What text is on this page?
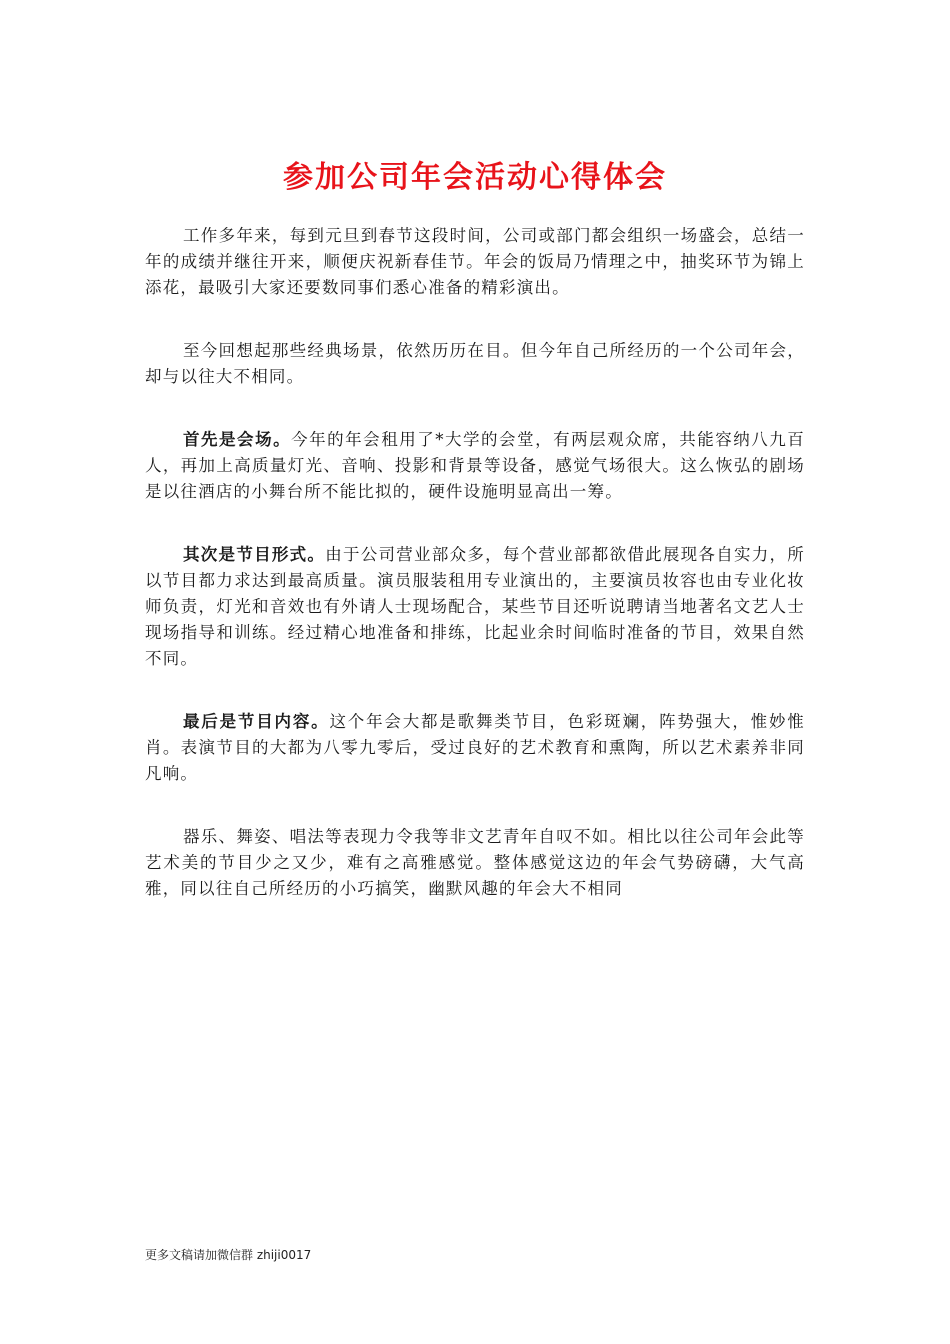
参加公司年会活动心得体会

工作多年来，每到元旦到春节这段时间，公司或部门都会组织一场盛会，总结一年的成绩并继往开来，顺便庆祝新春佳节。年会的饭局乃情理之中，抽奖环节为锦上添花，最吸引大家还要数同事们悉心准备的精彩演出。

至今回想起那些经典场景，依然历历在目。但今年自己所经历的一个公司年会，却与以往大不相同。

首先是会场。今年的年会租用了*大学的会堂，有两层观众席，共能容纳八九百人，再加上高质量灯光、音响、投影和背景等设备，感觉气场很大。这么恢弘的剧场是以往酒店的小舞台所不能比拟的，硬件设施明显高出一筹。

其次是节目形式。由于公司营业部众多，每个营业部都欲借此展现各自实力，所以节目都力求达到最高质量。演员服装租用专业演出的，主要演员妆容也由专业化妆师负责，灯光和音效也有外请人士现场配合，某些节目还听说聘请当地著名文艺人士现场指导和训练。经过精心地准备和排练，比起业余时间临时准备的节目，效果自然不同。

最后是节目内容。这个年会大都是歌舞类节目，色彩斑斓，阵势强大，惟妙惟肖。表演节目的大都为八零九零后，受过良好的艺术教育和熏陶，所以艺术素养非同凡响。

器乐、舞姿、唱法等表现力令我等非文艺青年自叹不如。相比以往公司年会此等艺术美的节目少之又少，难有之高雅感觉。整体感觉这边的年会气势磅礴，大气高雅，同以往自己所经历的小巧搞笑，幽默风趣的年会大不相同

更多文稿请加微信群 zhiji0017
